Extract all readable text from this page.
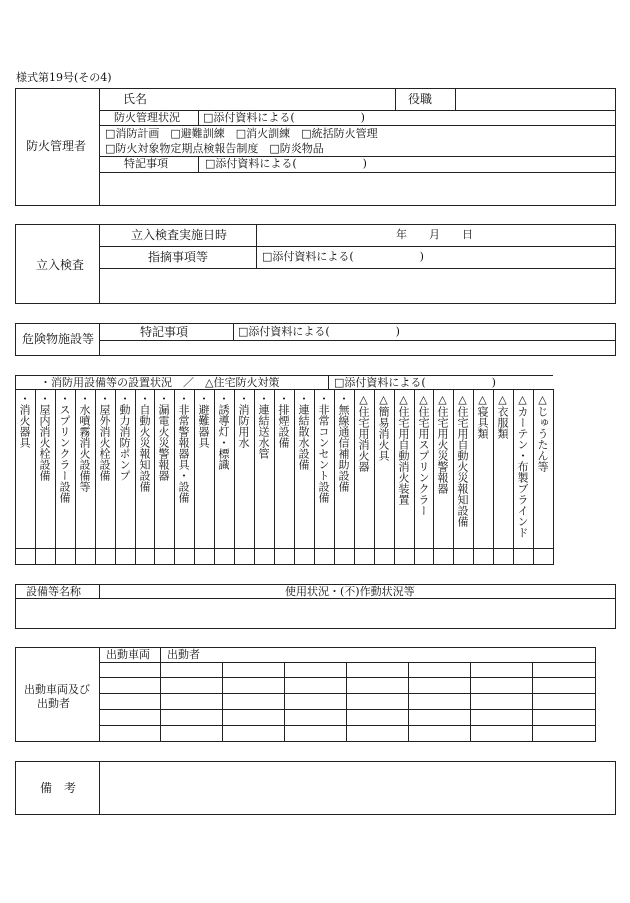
様式第19号(その4)
防火管理者
氏名	役職
防火管理状況 □添付資料による(　　　　　　)
□消防計画　□避難訓練　□消火訓練　□統括防火管理
□防火対象物定期点検報告制度　□防炎物品
特記事項	□添付資料による(　　　　　　)
立入検査
立入検査実施日時	年　　月　　日
指摘事項等	□添付資料による(　　　　　　)
危険物施設等	特記事項	□添付資料による(　　　　　　)
・消防用設備等の設置状況　／　△住宅防火対策	□添付資料による(　　　　　　)
・消火器具 ・屋内消火栓設備 ・スプリンクラー設備 ・水噴霧消火設備等 ・屋外消火栓設備 ・動力消防ポンプ ・自動火災報知設備 ・漏電火災警報器 ・非常警報器具・設備 ・避難器具 ・誘導灯・標識 ・消防用水 ・連結送水管 ・排煙設備 ・連結散水設備 ・非常コンセント設備 ・無線通信補助設備 △住宅用消火器 △簡易消火具 △住宅用自動消火装置 △住宅用スプリンクラー △住宅用火災警報器 △住宅用自動火災報知設備 △寝具類 △衣服類 △カーテン・布製ブラインド △じゅうたん等
設備等名称	使用状況・(不)作動状況等
出動車両及び
出動者
出動車両 出動者
備　考
